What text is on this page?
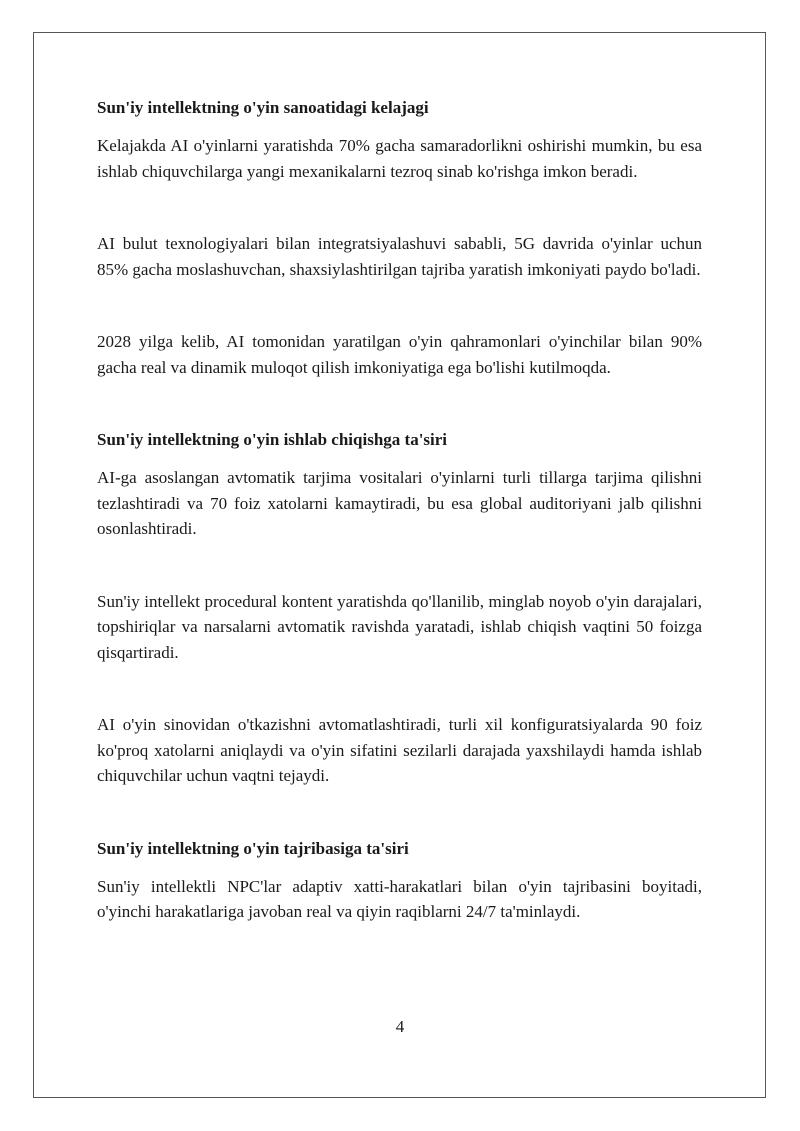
Sun'iy intellektning o'yin sanoatidagi kelajagi

Kelajakda AI o'yinlarni yaratishda 70% gacha samaradorlikni oshirishi mumkin, bu esa ishlab chiquvchilarga yangi mexanikalarni tezroq sinab ko'rishga imkon beradi.

AI bulut texnologiyalari bilan integratsiyalashuvi sababli, 5G davrida o'yinlar uchun 85% gacha moslashuvchan, shaxsiylashtirilgan tajriba yaratish imkoniyati paydo bo'ladi.

2028 yilga kelib, AI tomonidan yaratilgan o'yin qahramonlari o'yinchilar bilan 90% gacha real va dinamik muloqot qilish imkoniyatiga ega bo'lishi kutilmoqda.

Sun'iy intellektning o'yin ishlab chiqishga ta'siri

AI-ga asoslangan avtomatik tarjima vositalari o'yinlarni turli tillarga tarjima qilishni tezlashtiradi va 70 foiz xatolarni kamaytiradi, bu esa global auditoriyani jalb qilishni osonlashtiradi.

Sun'iy intellekt procedural kontent yaratishda qo'llanilib, minglab noyob o'yin darajalari, topshiriqlar va narsalarni avtomatik ravishda yaratadi, ishlab chiqish vaqtini 50 foizga qisqartiradi.

AI o'yin sinovidan o'tkazishni avtomatlashtiradi, turli xil konfiguratsiyalarda 90 foiz ko'proq xatolarni aniqlaydi va o'yin sifatini sezilarli darajada yaxshilaydi hamda ishlab chiquvchilar uchun vaqtni tejaydi.

Sun'iy intellektning o'yin tajribasiga ta'siri

Sun'iy intellektli NPC'lar adaptiv xatti-harakatlari bilan o'yin tajribasini boyitadi, o'yinchi harakatlariga javoban real va qiyin raqiblarni 24/7 ta'minlaydi.

4
